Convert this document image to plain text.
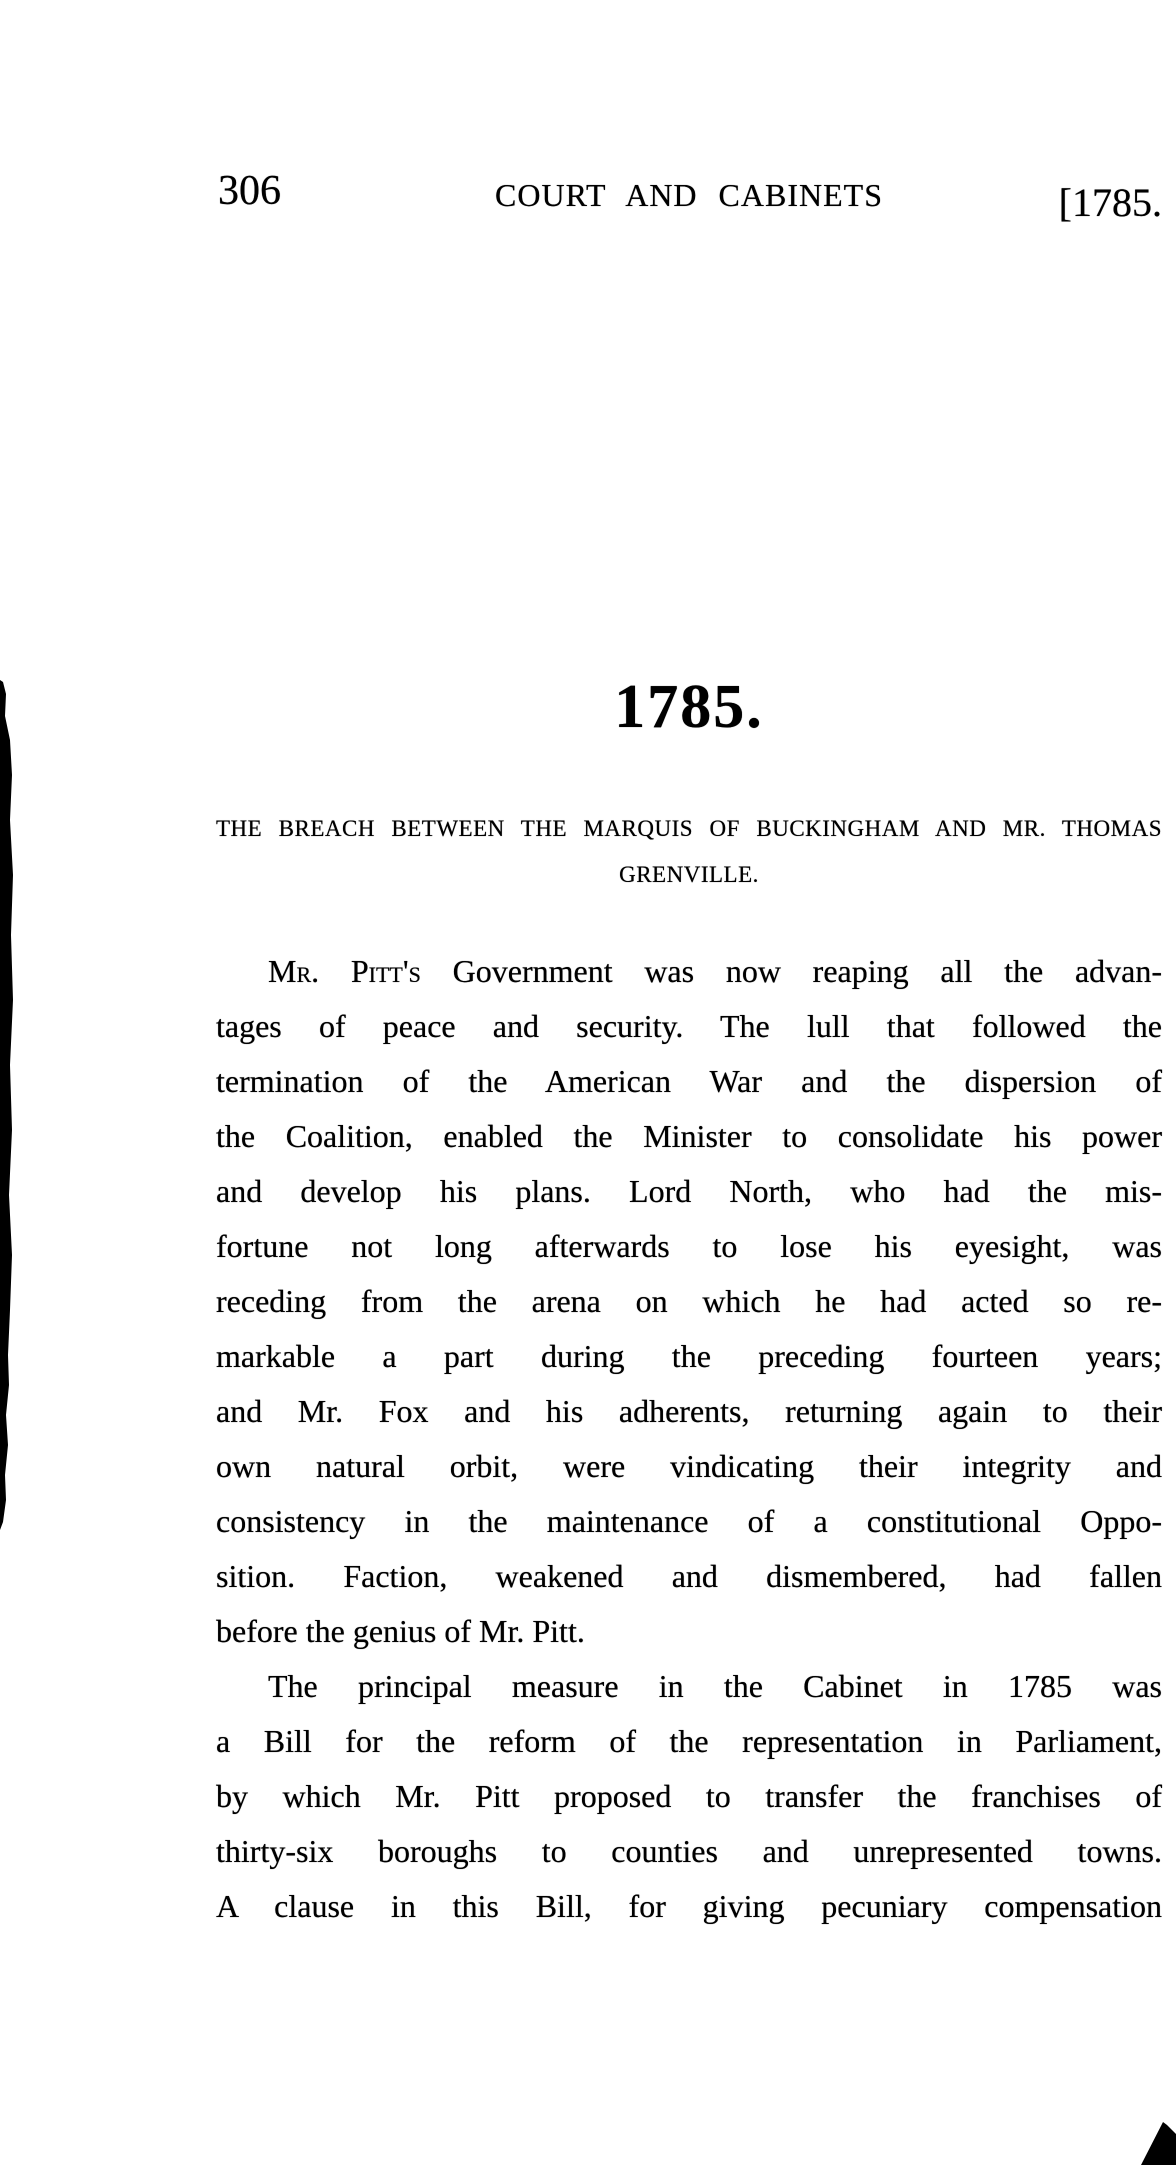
306	COURT AND CABINETS	[1785.
1785.
THE BREACH BETWEEN THE MARQUIS OF BUCKINGHAM AND MR. THOMAS
GRENVILLE.
Mr. Pitt's Government was now reaping all the advan-
tages of peace and security. The lull that followed the
termination of the American War and the dispersion of
the Coalition, enabled the Minister to consolidate his power
and develop his plans. Lord North, who had the mis-
fortune not long afterwards to lose his eyesight, was
receding from the arena on which he had acted so re-
markable a part during the preceding fourteen years;
and Mr. Fox and his adherents, returning again to their
own natural orbit, were vindicating their integrity and
consistency in the maintenance of a constitutional Oppo-
sition. Faction, weakened and dismembered, had fallen
before the genius of Mr. Pitt.
The principal measure in the Cabinet in 1785 was
a Bill for the reform of the representation in Parliament,
by which Mr. Pitt proposed to transfer the franchises of
thirty-six boroughs to counties and unrepresented towns.
A clause in this Bill, for giving pecuniary compensation
